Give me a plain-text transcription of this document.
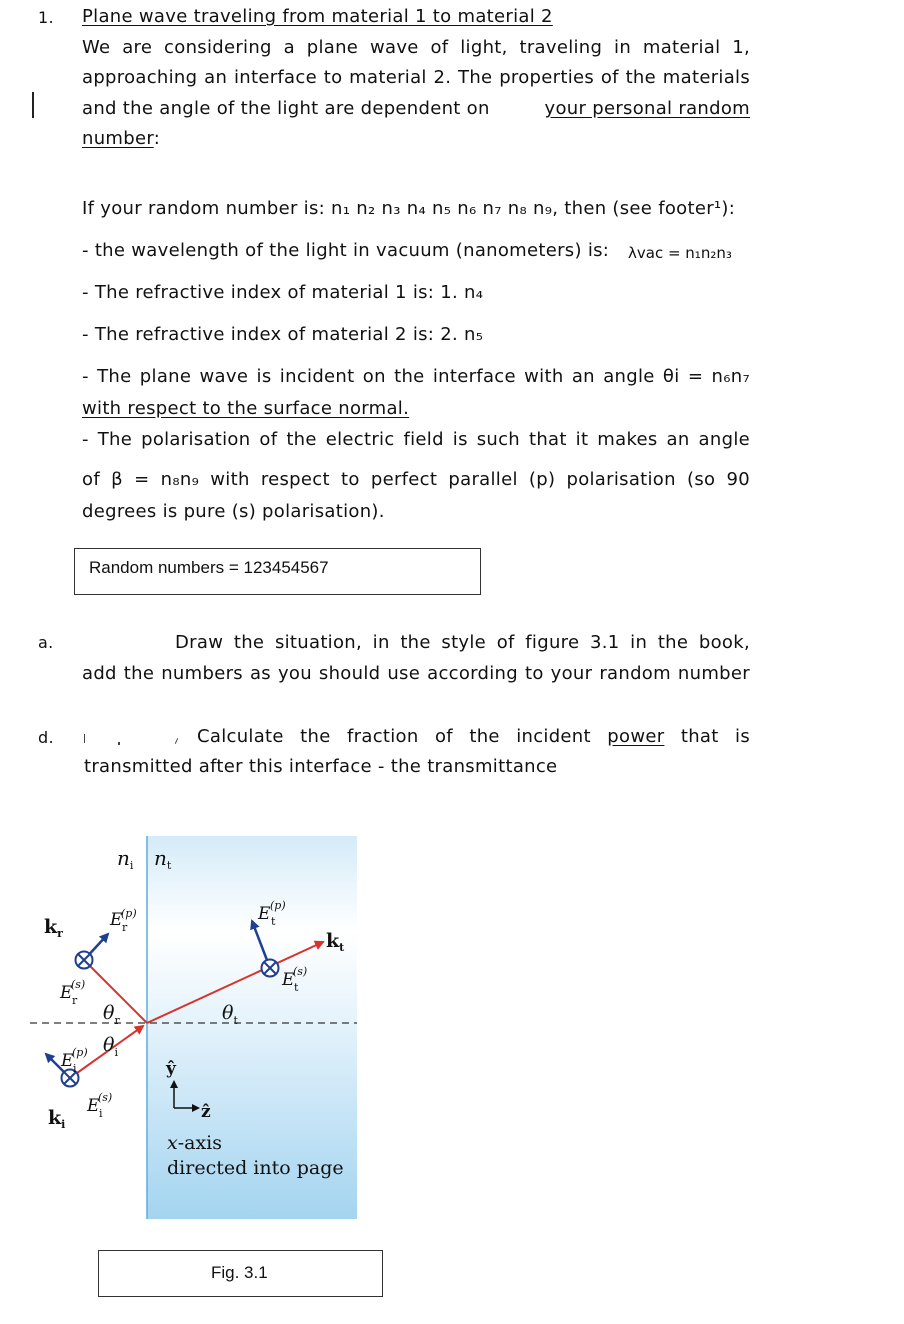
1. Plane wave traveling from material 1 to material 2
We are considering a plane wave of light, traveling in material 1,
approaching an interface to material 2. The properties of the materials
and the angle of the light are dependent on	your personal random
number:
If your random number is: n₁ n₂ n₃ n₄ n₅ n₆ n₇ n₈ n₉, then (see footer¹):
- the wavelength of the light in vacuum (nanometers) is: λvac = n₁n₂n₃
- The refractive index of material 1 is: 1. n₄
- The refractive index of material 2 is: 2. n₅
- The plane wave is incident on the interface with an angle θi = n₆n₇
with respect to the surface normal.
- The polarisation of the electric field is such that it makes an angle
of β = n₈n₉ with respect to perfect parallel (p) polarisation (so 90
degrees is pure (s) polarisation).
Random numbers = 123454567
a.	Draw the situation, in the style of figure 3.1 in the book,
add the numbers as you should use according to your random number
d.	Calculate the fraction of the incident power that is
transmitted after this interface - the transmittance
$n_i$ $n_t$
$k_r$
$k_i$
$k_t$
E
(p)
r
E
(s)
r
E
(p)
i
E
(s)
i
E (p)
t
E
(s)
t
$\theta_r$
$\theta_i$
$\theta_t$
ŷ
ẑ
x-axis
directed into page
Fig. 3.1
